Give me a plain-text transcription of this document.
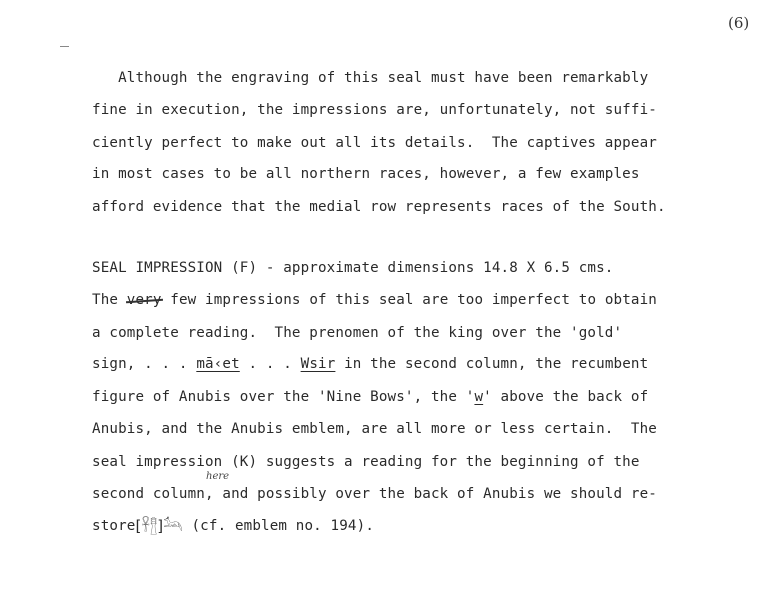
(6)
Although the engraving of this seal must have been remarkably
fine in execution, the impressions are, unfortunately, not suffi-
ciently perfect to make out all its details.  The captives appear
in most cases to be all northern races, however, a few examples
afford evidence that the medial row represents races of the South.
SEAL IMPRESSION (F) - approximate dimensions 14.8 X 6.5 cms.
The very few impressions of this seal are too imperfect to obtain
a complete reading.  The prenomen of the king over the 'gold'
sign, . . . mā‹et . . . Wsir in the second column, the recumbent
figure of Anubis over the 'Nine Bows', the 'w' above the back of
Anubis, and the Anubis emblem, are all more or less certain.  The
seal impression (K) suggests a reading for the beginning of the
here
second column, and possibly over the back of Anubis we should re-
store[𓋹𓊽]𓃢 (cf. emblem no. 194).
